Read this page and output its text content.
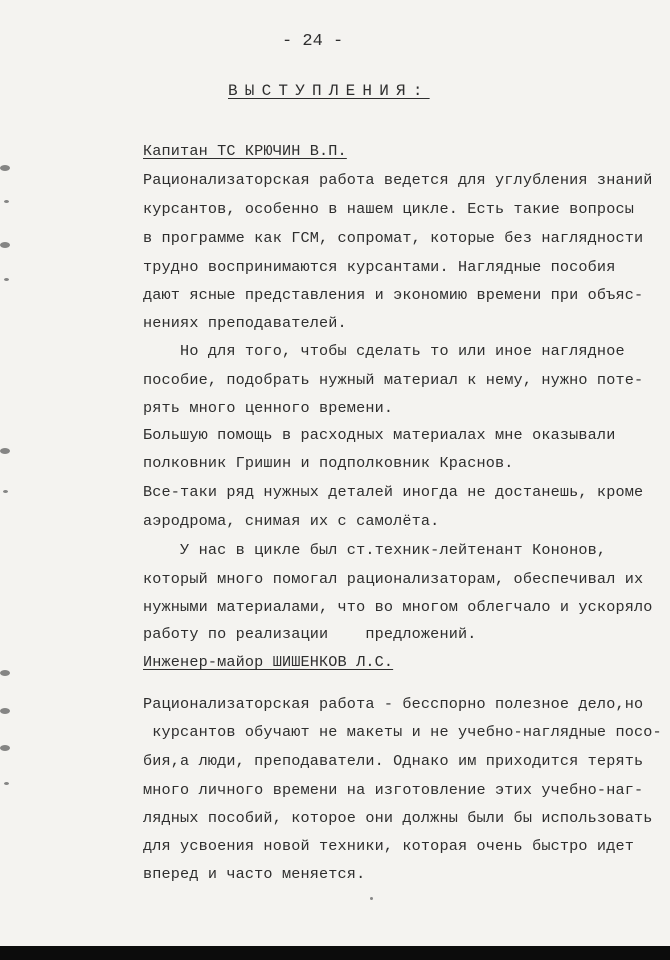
- 24 -
ВЫСТУПЛЕНИЯ:
Капитан ТС КРЮЧИН В.П.
Рационализаторская работа ведется для углубления знаний
курсантов, особенно в нашем цикле. Есть такие вопросы
в программе как ГСМ, сопромат, которые без наглядности
трудно воспринимаются курсантами. Наглядные пособия
дают ясные представления и экономию времени при объяс-
нениях преподавателей.
Но для того, чтобы сделать то или иное наглядное
пособие, подобрать нужный материал к нему, нужно поте-
рять много ценного времени.
Большую помощь в расходных материалах мне оказывали
полковник Гришин и подполковник Краснов.
Все-таки ряд нужных деталей иногда не достанешь, кроме
аэродрома, снимая их с самолёта.
У нас в цикле был ст.техник-лейтенант Кононов,
который много помогал рационализаторам, обеспечивал их
нужными материалами, что во многом облегчало и ускоряло
работу по реализации    предложений.
Инженер-майор ШИШЕНКОВ Л.С.
Рационализаторская работа - бесспорно полезное дело,но
курсантов обучают не макеты и не учебно-наглядные посо-
бия,а люди, преподаватели. Однако им приходится терять
много личного времени на изготовление этих учебно-наг-
лядных пособий, которое они должны были бы использовать
для усвоения новой техники, которая очень быстро идет
вперед и часто меняется.
